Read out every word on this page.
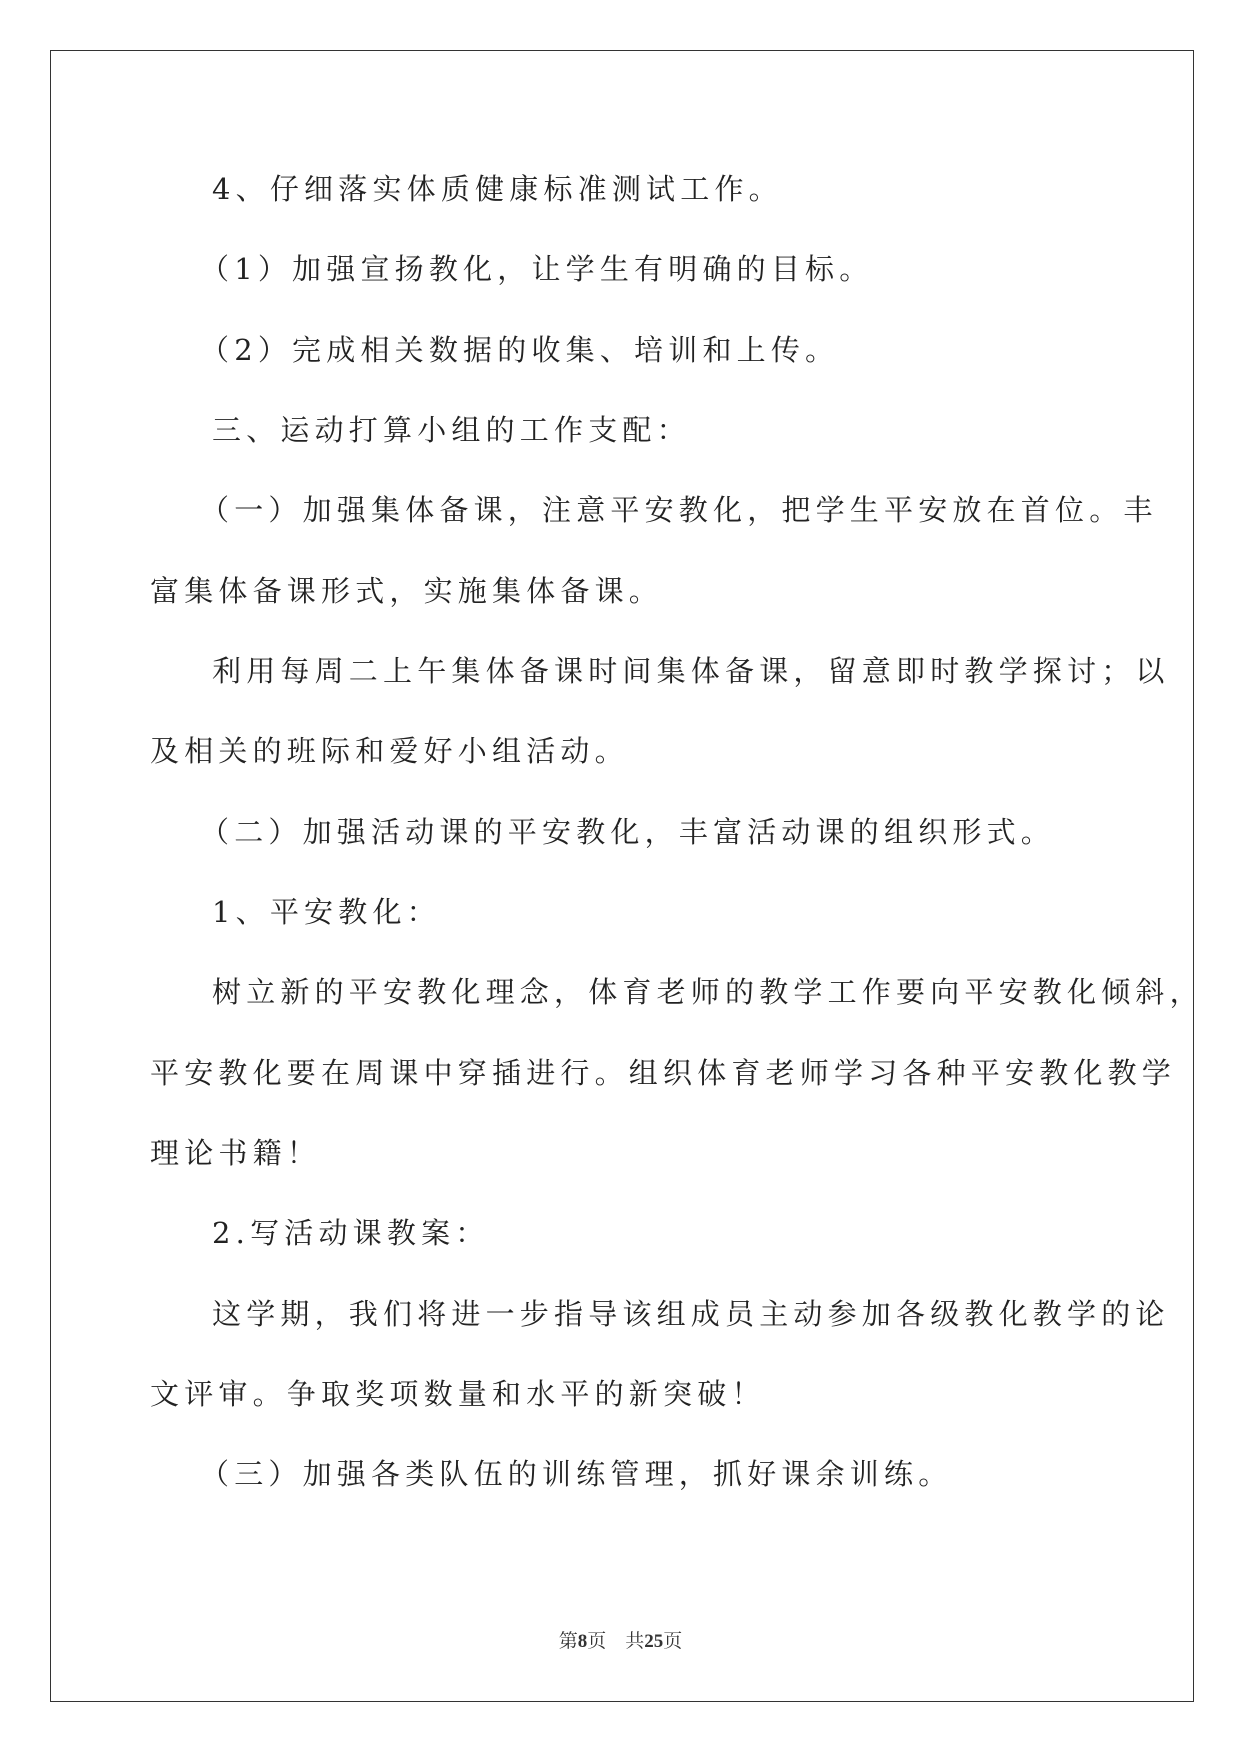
4、仔细落实体质健康标准测试工作。
（1）加强宣扬教化，让学生有明确的目标。
（2）完成相关数据的收集、培训和上传。
三、运动打算小组的工作支配：
（一）加强集体备课，注意平安教化，把学生平安放在首位。丰
富集体备课形式，实施集体备课。
利用每周二上午集体备课时间集体备课，留意即时教学探讨；以
及相关的班际和爱好小组活动。
（二）加强活动课的平安教化，丰富活动课的组织形式。
1、平安教化：
树立新的平安教化理念，体育老师的教学工作要向平安教化倾斜，
平安教化要在周课中穿插进行。组织体育老师学习各种平安教化教学
理论书籍！
2.写活动课教案：
这学期，我们将进一步指导该组成员主动参加各级教化教学的论
文评审。争取奖项数量和水平的新突破！
（三）加强各类队伍的训练管理，抓好课余训练。
第8页 共25页
